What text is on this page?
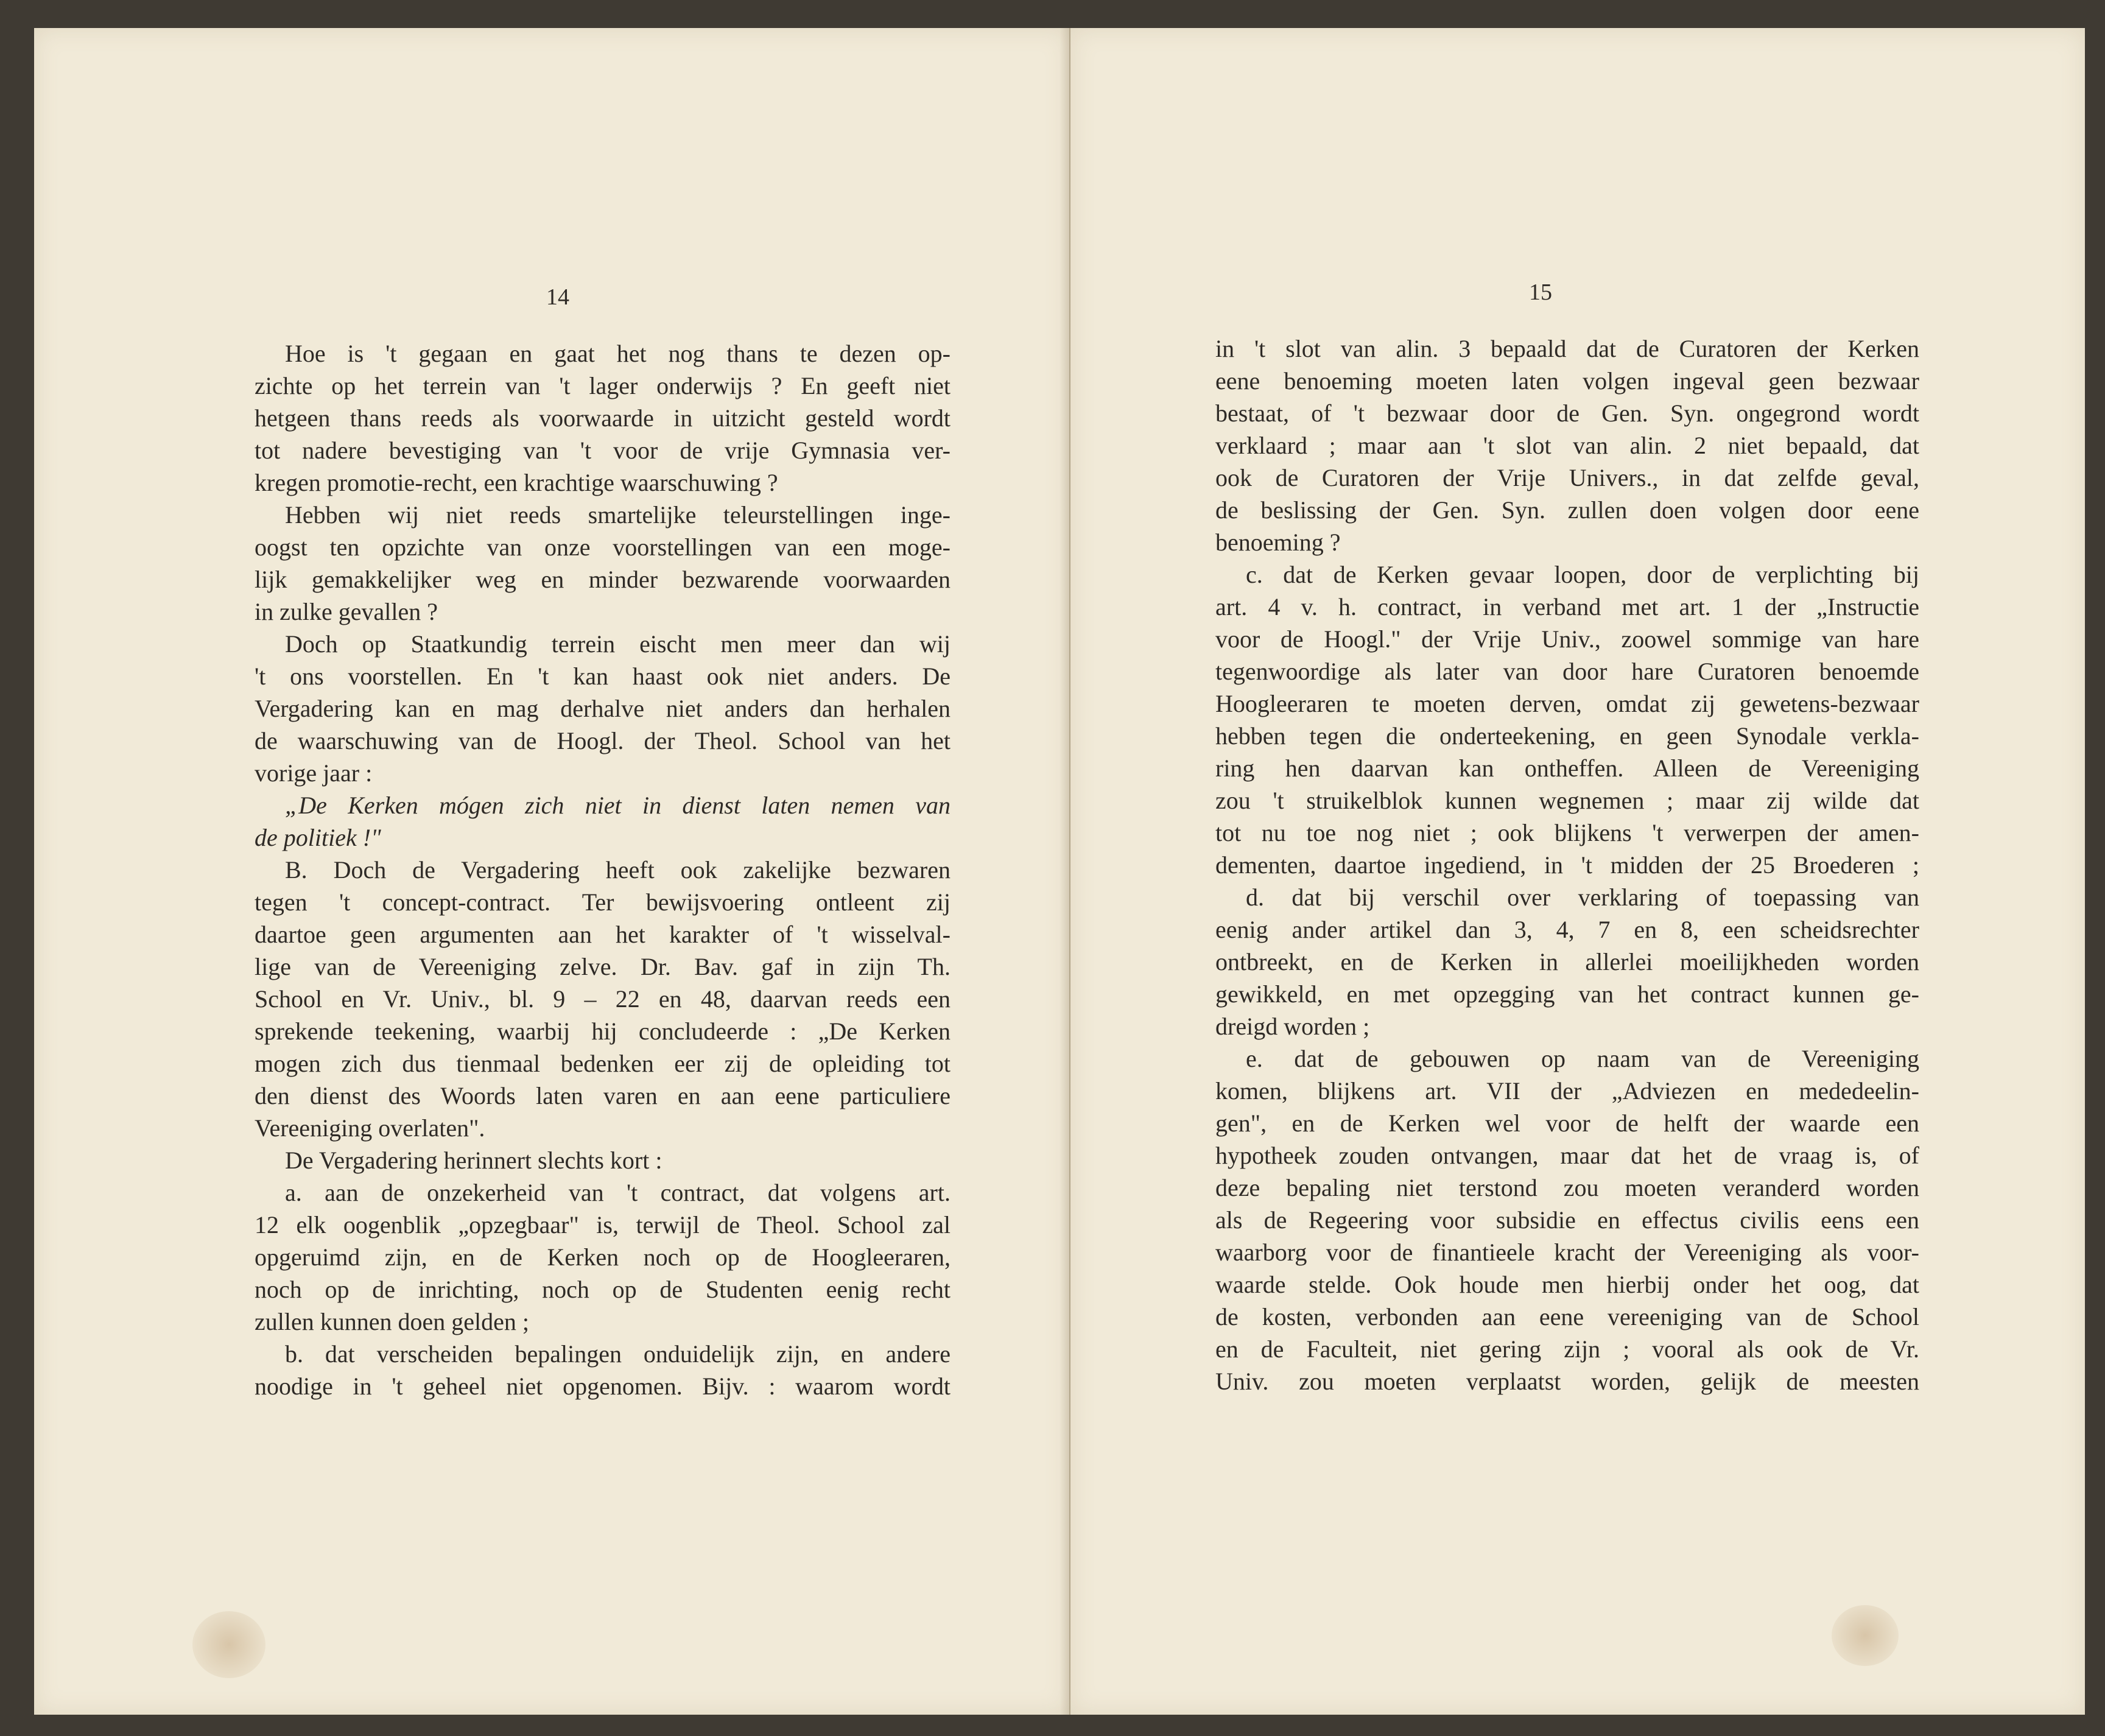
14
Hoe is 't gegaan en gaat het nog thans te dezen op-
zichte op het terrein van 't lager onderwijs ? En geeft niet
hetgeen thans reeds als voorwaarde in uitzicht gesteld wordt
tot nadere bevestiging van 't voor de vrije Gymnasia ver-
kregen promotie-recht, een krachtige waarschuwing ?
Hebben wij niet reeds smartelijke teleurstellingen inge-
oogst ten opzichte van onze voorstellingen van een moge-
lijk gemakkelijker weg en minder bezwarende voorwaarden
in zulke gevallen ?
Doch op Staatkundig terrein eischt men meer dan wij
't ons voorstellen. En 't kan haast ook niet anders. De
Vergadering kan en mag derhalve niet anders dan herhalen
de waarschuwing van de Hoogl. der Theol. School van het
vorige jaar :
„De Kerken mógen zich niet in dienst laten nemen van
de politiek !"
B. Doch de Vergadering heeft ook zakelijke bezwaren
tegen 't concept-contract. Ter bewijsvoering ontleent zij
daartoe geen argumenten aan het karakter of 't wisselval-
lige van de Vereeniging zelve. Dr. Bav. gaf in zijn Th.
School en Vr. Univ., bl. 9 – 22 en 48, daarvan reeds een
sprekende teekening, waarbij hij concludeerde : „De Kerken
mogen zich dus tienmaal bedenken eer zij de opleiding tot
den dienst des Woords laten varen en aan eene particuliere
Vereeniging overlaten".
De Vergadering herinnert slechts kort :
a. aan de onzekerheid van 't contract, dat volgens art.
12 elk oogenblik „opzegbaar" is, terwijl de Theol. School zal
opgeruimd zijn, en de Kerken noch op de Hoogleeraren,
noch op de inrichting, noch op de Studenten eenig recht
zullen kunnen doen gelden ;
b. dat verscheiden bepalingen onduidelijk zijn, en andere
noodige in 't geheel niet opgenomen. Bijv. : waarom wordt
15
in 't slot van alin. 3 bepaald dat de Curatoren der Kerken
eene benoeming moeten laten volgen ingeval geen bezwaar
bestaat, of 't bezwaar door de Gen. Syn. ongegrond wordt
verklaard ; maar aan 't slot van alin. 2 niet bepaald, dat
ook de Curatoren der Vrije Univers., in dat zelfde geval,
de beslissing der Gen. Syn. zullen doen volgen door eene
benoeming ?
c. dat de Kerken gevaar loopen, door de verplichting bij
art. 4 v. h. contract, in verband met art. 1 der „Instructie
voor de Hoogl." der Vrije Univ., zoowel sommige van hare
tegenwoordige als later van door hare Curatoren benoemde
Hoogleeraren te moeten derven, omdat zij gewetens-bezwaar
hebben tegen die onderteekening, en geen Synodale verkla-
ring hen daarvan kan ontheffen. Alleen de Vereeniging
zou 't struikelblok kunnen wegnemen ; maar zij wilde dat
tot nu toe nog niet ; ook blijkens 't verwerpen der amen-
dementen, daartoe ingediend, in 't midden der 25 Broederen ;
d. dat bij verschil over verklaring of toepassing van
eenig ander artikel dan 3, 4, 7 en 8, een scheidsrechter
ontbreekt, en de Kerken in allerlei moeilijkheden worden
gewikkeld, en met opzegging van het contract kunnen ge-
dreigd worden ;
e. dat de gebouwen op naam van de Vereeniging
komen, blijkens art. VII der „Adviezen en mededeelin-
gen", en de Kerken wel voor de helft der waarde een
hypotheek zouden ontvangen, maar dat het de vraag is, of
deze bepaling niet terstond zou moeten veranderd worden
als de Regeering voor subsidie en effectus civilis eens een
waarborg voor de finantieele kracht der Vereeniging als voor-
waarde stelde. Ook houde men hierbij onder het oog, dat
de kosten, verbonden aan eene vereeniging van de School
en de Faculteit, niet gering zijn ; vooral als ook de Vr.
Univ. zou moeten verplaatst worden, gelijk de meesten
